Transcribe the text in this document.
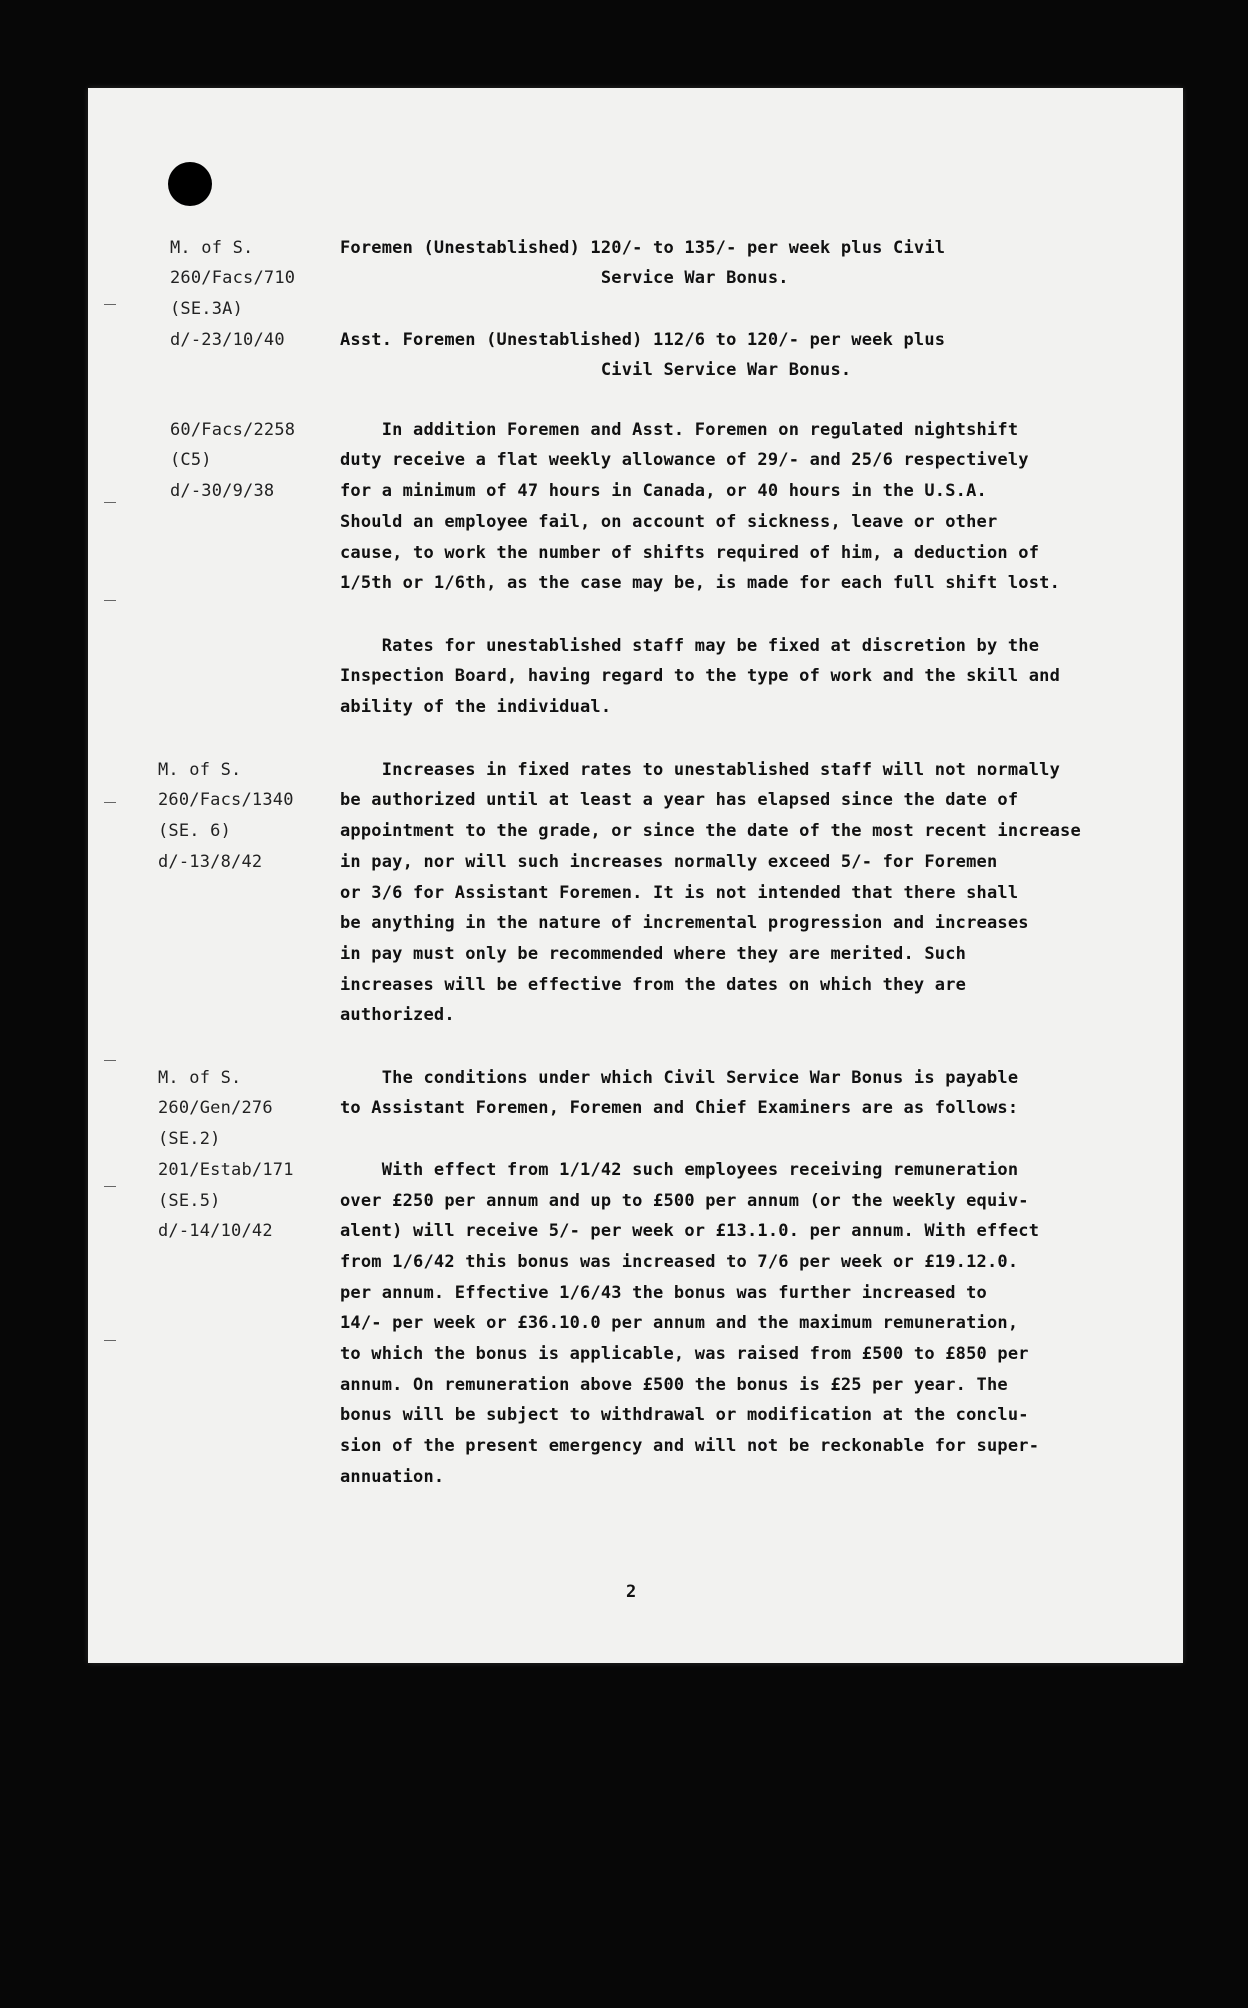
M. of S.
260/Facs/710
(SE.3A)
d/-23/10/40

Foremen (Unestablished) 120/- to 135/- per week plus Civil
Service War Bonus.

Asst. Foremen (Unestablished) 112/6 to 120/- per week plus
Civil Service War Bonus.

60/Facs/2258
(C5)
d/-30/9/38

In addition Foremen and Asst. Foremen on regulated nightshift
duty receive a flat weekly allowance of 29/- and 25/6 respectively
for a minimum of 47 hours in Canada, or 40 hours in the U.S.A.
Should an employee fail, on account of sickness, leave or other
cause, to work the number of shifts required of him, a deduction of
1/5th or 1/6th, as the case may be, is made for each full shift lost.

Rates for unestablished staff may be fixed at discretion by the
Inspection Board, having regard to the type of work and the skill and
ability of the individual.

M. of S.
260/Facs/1340
(SE. 6)
d/-13/8/42

Increases in fixed rates to unestablished staff will not normally
be authorized until at least a year has elapsed since the date of
appointment to the grade, or since the date of the most recent increase
in pay, nor will such increases normally exceed 5/- for Foremen
or 3/6 for Assistant Foremen. It is not intended that there shall
be anything in the nature of incremental progression and increases
in pay must only be recommended where they are merited. Such
increases will be effective from the dates on which they are
authorized.

M. of S.
260/Gen/276
(SE.2)
201/Estab/171
(SE.5)
d/-14/10/42

The conditions under which Civil Service War Bonus is payable
to Assistant Foremen, Foremen and Chief Examiners are as follows:

With effect from 1/1/42 such employees receiving remuneration
over £250 per annum and up to £500 per annum (or the weekly equiv-
alent) will receive 5/- per week or £13.1.0. per annum. With effect
from 1/6/42 this bonus was increased to 7/6 per week or £19.12.0.
per annum. Effective 1/6/43 the bonus was further increased to
14/- per week or £36.10.0 per annum and the maximum remuneration,
to which the bonus is applicable, was raised from £500 to £850 per
annum. On remuneration above £500 the bonus is £25 per year. The
bonus will be subject to withdrawal or modification at the conclu-
sion of the present emergency and will not be reckonable for super-
annuation.

2
